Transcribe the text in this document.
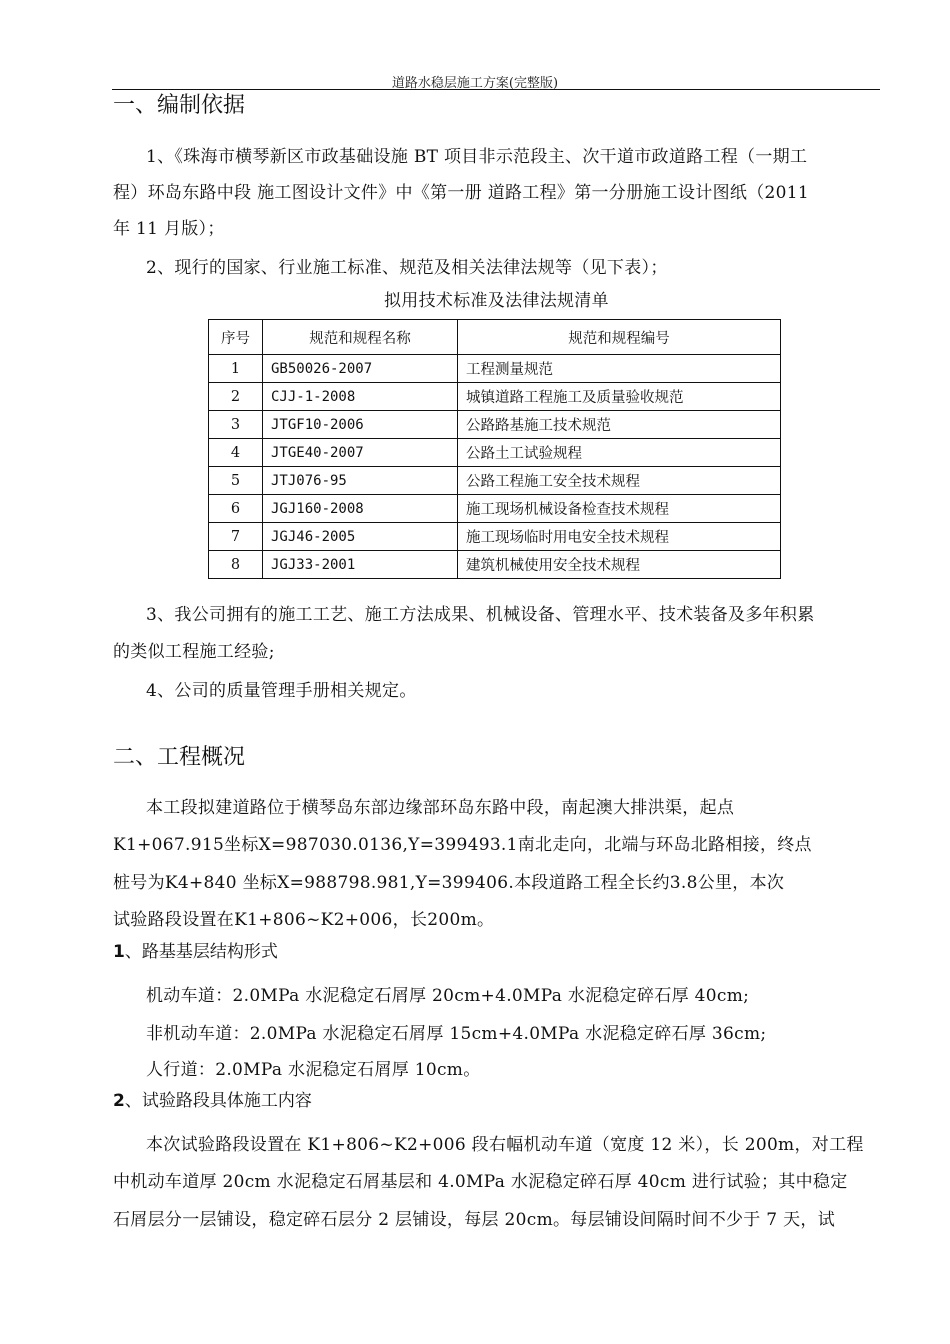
道路水稳层施工方案(完整版)
一、编制依据
1、《珠海市横琴新区市政基础设施 BT 项目非示范段主、次干道市政道路工程（一期工
程）环岛东路中段 施工图设计文件》中《第一册 道路工程》第一分册施工设计图纸（2011
年 11 月版）；
2、现行的国家、行业施工标准、规范及相关法律法规等（见下表）；
拟用技术标准及法律法规清单
序号	规范和规程名称	规范和规程编号
1	GB50026-2007	工程测量规范
2	CJJ-1-2008	城镇道路工程施工及质量验收规范
3	JTGF10-2006	公路路基施工技术规范
4	JTGE40-2007	公路土工试验规程
5	JTJ076-95	公路工程施工安全技术规程
6	JGJ160-2008	施工现场机械设备检查技术规程
7	JGJ46-2005	施工现场临时用电安全技术规程
8	JGJ33-2001	建筑机械使用安全技术规程
3、我公司拥有的施工工艺、施工方法成果、机械设备、管理水平、技术装备及多年积累
的类似工程施工经验;
4、公司的质量管理手册相关规定。
二、工程概况
本工段拟建道路位于横琴岛东部边缘部环岛东路中段，南起澳大排洪渠，起点
K1+067.915坐标X=987030.0136,Y=399493.1南北走向，北端与环岛北路相接，终点
桩号为K4+840 坐标X=988798.981,Y=399406.本段道路工程全长约3.8公里，本次
试验路段设置在K1+806~K2+006，长200m。
1、路基基层结构形式
机动车道：2.0MPa 水泥稳定石屑厚 20cm+4.0MPa 水泥稳定碎石厚 40cm;
非机动车道：2.0MPa 水泥稳定石屑厚 15cm+4.0MPa 水泥稳定碎石厚 36cm;
人行道：2.0MPa 水泥稳定石屑厚 10cm。
2、试验路段具体施工内容
本次试验路段设置在 K1+806~K2+006 段右幅机动车道（宽度 12 米），长 200m，对工程
中机动车道厚 20cm 水泥稳定石屑基层和 4.0MPa 水泥稳定碎石厚 40cm 进行试验；其中稳定
石屑层分一层铺设，稳定碎石层分 2 层铺设，每层 20cm。每层铺设间隔时间不少于 7 天，试
